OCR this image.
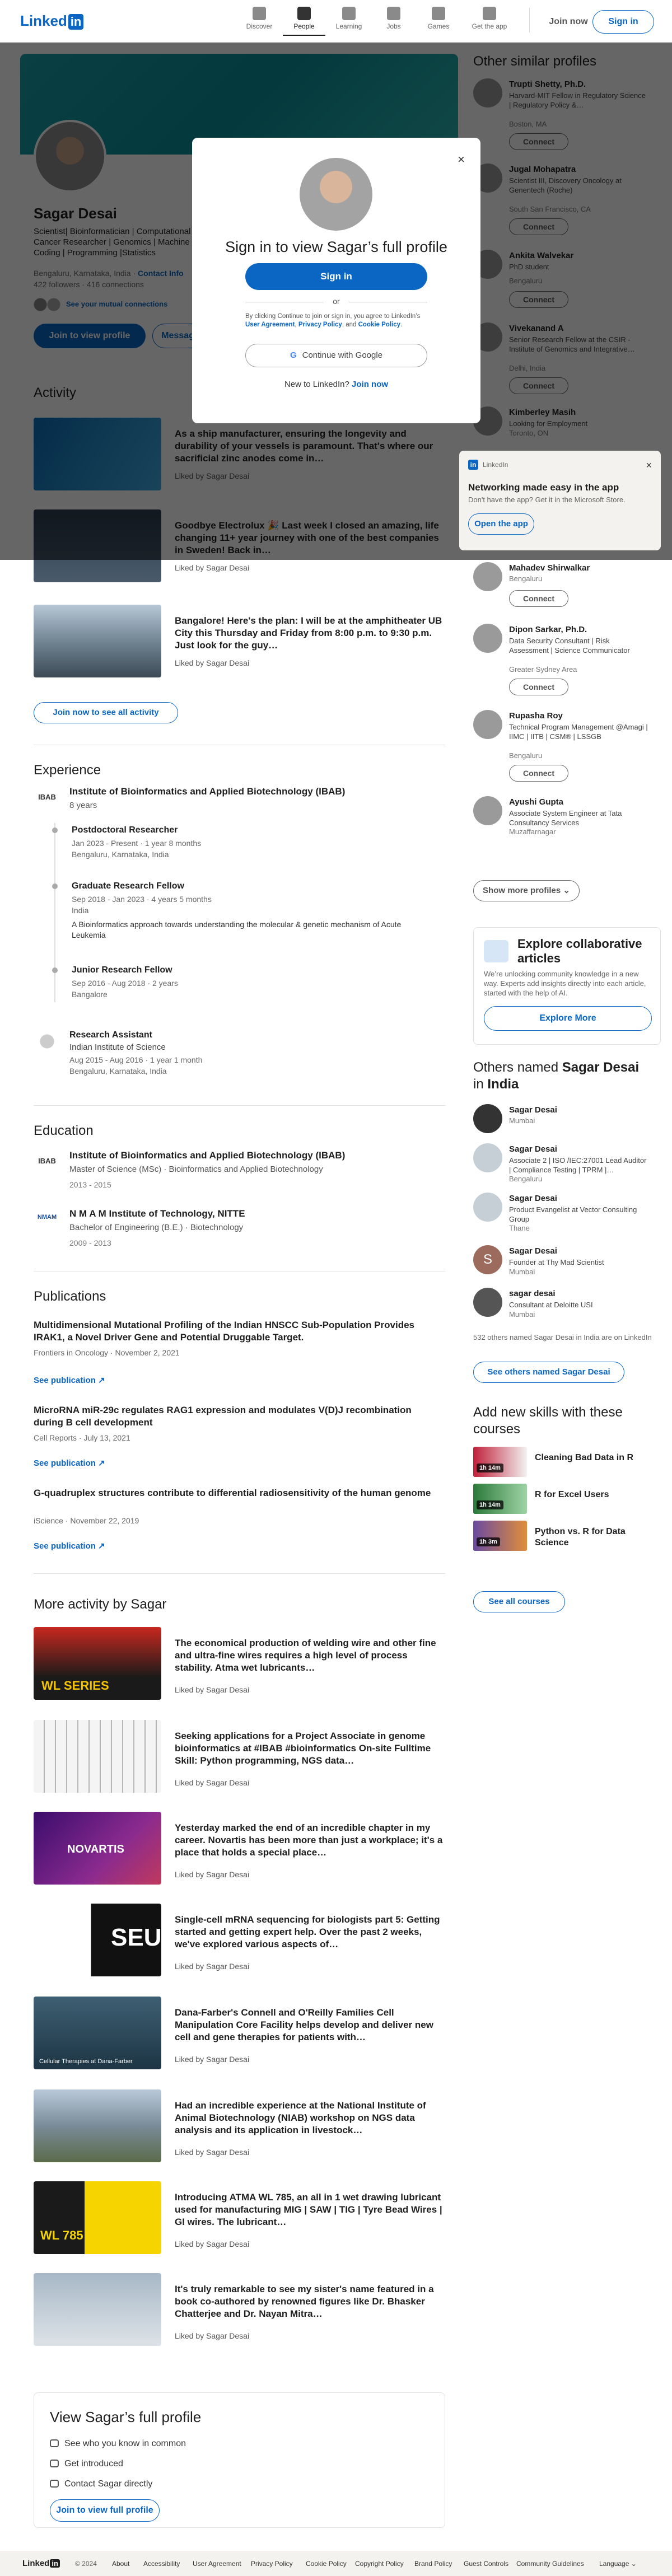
Linked in	Discover	People	Learning	Jobs	Games	Get the app	Join now	Sign in
Liked by Sagar Desai
Bangalore! Here's the plan: I will be at the amphitheater UB City this Thursday and Friday from 8:00 p.m. to 9:30 p.m. Just look for the guy…
Liked by Sagar Desai
Join now to see all activity
Experience
IBAB
Institute of Bioinformatics and Applied Biotechnology (IBAB)
8 years
Postdoctoral Researcher
Jan 2023 - Present · 1 year 8 months
Bengaluru, Karnataka, India
Graduate Research Fellow
Sep 2018 - Jan 2023 · 4 years 5 months
India
A Bioinformatics approach towards understanding the molecular & genetic mechanism of Acute Leukemia
Junior Research Fellow
Sep 2016 - Aug 2018 · 2 years
Bangalore
Research Assistant
Indian Institute of Science
Aug 2015 - Aug 2016 · 1 year 1 month
Bengaluru, Karnataka, India
Education
IBAB
Institute of Bioinformatics and Applied Biotechnology (IBAB)
Master of Science (MSc) · Bioinformatics and Applied Biotechnology
2013 - 2015
NMAM	N M A M Institute of Technology, NITTE
Bachelor of Engineering (B.E.) · Biotechnology
2009 - 2013
Publications
Multidimensional Mutational Profiling of the Indian HNSCC Sub-Population Provides IRAK1, a Novel Driver Gene and Potential Druggable Target.
Frontiers in Oncology · November 2, 2021
See publication ↗
MicroRNA miR-29c regulates RAG1 expression and modulates V(D)J recombination during B cell development
Cell Reports · July 13, 2021
See publication ↗
G-quadruplex structures contribute to differential radiosensitivity of the human genome
iScience · November 22, 2019
See publication ↗
More activity by Sagar
WL SERIES
The economical production of welding wire and other fine and ultra-fine wires requires a high level of process stability. Atma wet lubricants…
Liked by Sagar Desai
Seeking applications for a Project Associate in genome bioinformatics at #IBAB #bioinformatics On-site Fulltime Skill: Python programming, NGS data…
Liked by Sagar Desai
NOVARTIS
Yesterday marked the end of an incredible chapter in my career. Novartis has been more than just a workplace; it's a place that holds a special place…
Liked by Sagar Desai
SEU
Single-cell mRNA sequencing for biologists part 5: Getting started and getting expert help. Over the past 2 weeks, we've explored various aspects of…
Liked by Sagar Desai
Cellular Therapies at Dana-Farber
Dana-Farber's Connell and O'Reilly Families Cell Manipulation Core Facility helps develop and deliver new cell and gene therapies for patients with…
Liked by Sagar Desai
Had an incredible experience at the National Institute of Animal Biotechnology (NIAB) workshop on NGS data analysis and its application in livestock…
Liked by Sagar Desai
WL 785
Introducing ATMA WL 785, an all in 1 wet drawing lubricant used for manufacturing MIG | SAW | TIG | Tyre Bead Wires | GI wires. The lubricant…
Liked by Sagar Desai
It's truly remarkable to see my sister's name featured in a book co-authored by renowned figures like Dr. Bhasker Chatterjee and Dr. Nayan Mitra…
Liked by Sagar Desai
View Sagar’s full profile
See who you know in common
Get introduced
Contact Sagar directly
Join to view full profile
Mahadev Shirwalkar
Bengaluru
Connect
Dipon Sarkar, Ph.D.
Data Security Consultant | Risk Assessment | Science Communicator
Greater Sydney Area
Connect
Rupasha Roy
Technical Program Management @Amagi | IIMC | IITB | CSM® | LSSGB
Bengaluru
Connect
Ayushi Gupta
Associate System Engineer at Tata Consultancy Services
Muzaffarnagar
Show more profiles ⌄
Explore collaborative articles
We’re unlocking community knowledge in a new way. Experts add insights directly into each article, started with the help of AI.
Explore More
Others named Sagar Desai
in India
Sagar Desai
Mumbai
Sagar Desai
Associate 2 | ISO /IEC:27001 Lead Auditor | Compliance Testing | TPRM |…
Bengaluru
Sagar Desai
Product Evangelist at Vector Consulting Group
Thane
S
Sagar Desai
Founder at Thy Mad Scientist
Mumbai
sagar desai
Consultant at Deloitte USI
Mumbai
532 others named Sagar Desai in India are on LinkedIn
See others named Sagar Desai
Add new skills with these courses
1h 14m
Cleaning Bad Data in R
1h 14m
R for Excel Users
1h 3m
Python vs. R for Data Science
See all courses
Linked in	© 2024 About Accessibility User Agreement Privacy Policy Cookie Policy Copyright Policy Brand Policy Guest Controls Community Guidelines Language ⌄
×
Sign in to view Sagar’s full profile
Sign in
or
By clicking Continue to join or sign in, you agree to LinkedIn’s User Agreement, Privacy Policy, and Cookie Policy.
G Continue with Google
New to LinkedIn? Join now
in LinkedIn	×
Networking made easy in the app
Don't have the app? Get it in the Microsoft Store.
Open the app
